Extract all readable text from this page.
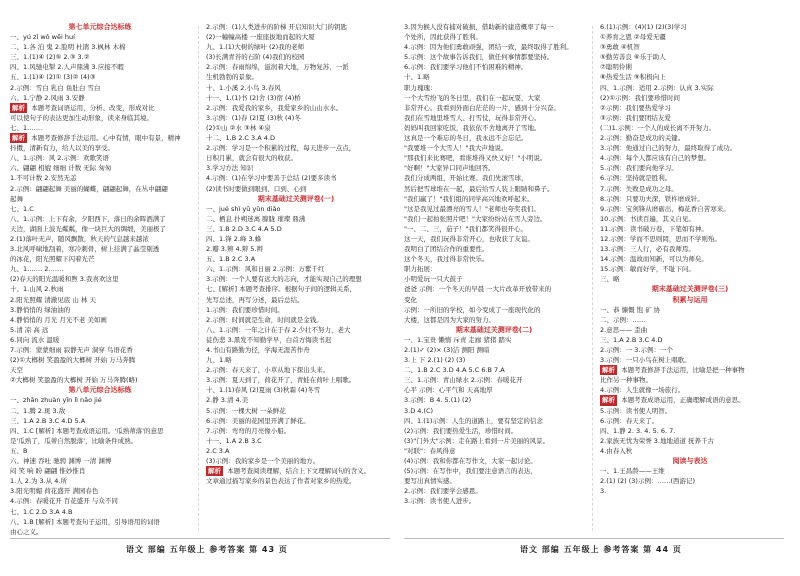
第七单元综合达标练
一、yú zǐ wǒ wēi huí
二、1.各 泊 鬼 2.脸明 杜鹃 3.枫林 木棉
三、1.(1)④ (2)⑤ 2.③ 3.②
四、1.风驰电掣 2.人声鼎沸 3.应接不暇
五、1.(1)④ (2)① (3)② (4)③
2.示例：雪白 乳白 鱼肚白 雪白
六、1.宁静 2.风雨 3.安静
解析 本题考查词语运用，分析、改变，形成对比
可以使句子的表达更加生动形象，读来身临其境。
七、1.……
解析 本题考查修辞手法运用。心中有情，眼中有景，精神
抖擞，清新有力，给人以美的享受。
八、1.示例：风 2.示例：欢歌笑语
六、翩翩 相媲 细细 计数 无际 匆匆
1.不可计数 2.安然无恙
2.示例：翩翩起舞 美丽的蝴蝶，翩翩起舞，在丛中翩翩
起舞
七、1.C
八、1.示例：上下有余，夕阳西下，落日的余晖洒满了
天边，湖面上波光粼粼，像一块巨大的绸缎，美丽极了
2.(1)落叶无声，随风飘散，秋天的气息越来越浓
3.北风呼啸地刮着，寒冷刺骨，树上挂满了晶莹剔透
的冰花，阳光照耀下闪着光芒
九、1.…… 2.……
(2)春天的阳光温暖和煦 3.我喜欢这里
十、1.山风 2.秋雨
2.阳光照耀 清澈见底 山 林 天
3.静悄悄的 绿油油的
4.静悄悄的 月光 月光不老 美如画
5.清 凉 高 远
6.同向 流水 温暖
7.示例：蒙蒙细雨 寂静无声 洞穿 鸟语花香
(2)①大榔树 笑盈盈的大榔树 开始 万马奔腾
天空
②大榔树 笑盈盈的大榔树 开始 万马奔腾(略)
第八单元综合达标练
一、zhǎn zhuàn yǐn lì nǎo jié
二、1.腾 2.斑 3.敌
三、1.A 2.B 3.C 4.D 5.A
四、1.C [解析] 本题考查成语运用。'瓜熟蒂落'的意思
是'瓜熟了，瓜蒂自然脱落'，比喻条件成熟。
五、B
六、神速 吞吐 驰骋 渊博 一清 渊博
闷 笑 响 盼 翩翩 惟妙惟肖
1.人 2.为 3.从 4.所
3.阳光明媚 荷花盛开 满园春色
4.示例：春暖花开 百花盛开 与众不同
七、1.C 2.D 3.A 4.B
八、1.B [解析] 本题考查句子运用，引导语用的词语
由心之义。
2.示例：(1)人类进步的阶梯 开启知识大门的钥匙
(2)一幢幢高楼 一座座拔地而起的大厦
九、1.(1)大树的绿叶 (2)我的老师
(3)长满青苔的石阶 (4)我们的校园
2.示例：春雨绵绵，滋润着大地，万物复苏，一派
生机勃勃的景象。
十、1.小溪 2.小鸟 3.春风
十一、1.(1)书 (2)舍 (3)宿 (4)桥
2.示例：我爱我的家乡，我爱家乡的山山水水。
3.示例：(1)春 (2)夏 (3)秋 (4)冬
(2)①山 ②水 ③林 ④泉
十二、1.B 2.C 3.A 4.D
2.示例：学习是一个积累的过程，每天进步一点点，
日积月累，就会有很大的收获。
3.学习方法 知识
4.示例：(1)在学习中要善于总结 (2)要多读书
(2)读书时要做到眼到、口到、心到
期末基础过关测评卷(一)
一、jué shì yǔ yǔn diǎo
二、栖息 扑朔迷离 朦胧 璀璨 鼎沸
三、1.B 2.D 3.C 4.A 5.D
四、1.锋 2.峰 3.蜂
2.瓣 3.辨 4.辩 5.辫
五、1.B 2.C 3.A
六、1.示例：风和日丽 2.示例：万紫千红
3.示例：一个人要有远大的志向，才能实现自己的理想
七、[解析] 本题考查排序。根据句子间的逻辑关系，
先写总述，再写分述，最后总结。
1.示例：我们要珍惜时间。
2.示例：时间就是生命，时间就是金钱。
八、1.示例：一年之计在于春 2.少壮不努力，老大
徒伤悲 3.黑发不知勤学早，白首方悔读书迟
4.书山有路勤为径，学海无涯苦作舟
九、1.略
2.示例：春天来了，小草从地下探出头来。
3.示例：夏天到了，荷花开了，青蛙在荷叶上唱歌。
十、1.(1)春风 (2)夏雨 (3)秋霜 (4)冬雪
2.静 3.清 4.美
5.示例：一棵大树 一朵鲜花
6.示例：美丽的花园里开满了鲜花。
7.示例：弯弯的月亮像小船。
十一、1.A 2.B 3.C
2.C 3.A
(3)示例：我的家乡是一个美丽的地方。
解析 本题考查阅读理解，结合上下文理解词句的含义。
文章通过描写家乡的景色表达了作者对家乡的热爱。
语文 部编 五年级上 参考答案 第 43 页
3.因为猴人没有捕对破损，借助新的建造概率了每一
个处所，因此获得了胜利。
4.示例：因为他们勇敢顽强，团结一致，最终取得了胜利。
5.示例：这个故事告诉我们，做任何事情都要坚持。
6.示例：我们要学习他们不怕困难的精神。
十、1.略
职力瑰瑰：
一个大雪纷飞的冬日里，我们在一起玩耍，大家
非常开心。我看到外面白茫茫的一片，感到十分兴奋。
我们在雪地里堆雪人、打雪仗，玩得非常开心。
妈妈叫我回家吃饭，我依依不舍地离开了雪地。
这真是一个难忘的冬日，我永远不会忘记。
"我要堆一个大雪人！"我大声地说。
"那我们来比赛吧，看谁堆得又快又好！"小明说。
"好啊！"大家异口同声地回答。
我们分成两组，开始比赛。我们先滚雪球，
然后把雪球堆在一起，最后给雪人装上眼睛和鼻子。
"我们赢了！"我们组的同学高兴地欢呼起来。
"这是我见过最漂亮的雪人！"老师也夸奖我们。
"我们一起拍张照片吧！"大家纷纷站在雪人旁边。
"一、二、三，茄子！"我们都笑得很开心。
这一天，我们玩得非常开心，也收获了友谊。
我明白了团结合作的重要性。
这个冬天，我过得非常快乐。
职力拓展：
小明爱玩一只大鼓子
爸爸 示例：一个冬天的早晨 一大片改革开放带来的
变化
示例：一所旧的学校，如今变成了一座现代化的
大楼，这都是因为大家的努力。
期末基础过关测评卷(二)
一、1.宝贵 懒惰 斥责 走廊 猪猪 踏实
2.(1)✓ (2)× (3)洁 测阳 测暗
3.上 下 2.(1) (2) (3)
二、1.B 2.C 3.D 4.A 5.C 6.B 7.A
三、1.示例：青山绿水 2.示例：春暖花开
心平 示例：心平气和 天高地厚
3.示例：B 4. 5.(1) (2)
3.D 4.(C)
四、1.(1)示例：人生的道路上，要有坚定的信念
(2)示例：我们要热爱生活，珍惜时间。
(3)"门外大"示例：走在路上看到一片美丽的风景。
"对联"：春风得意
(4)示例：我和你都在写作文，大家一起讨论。
(5)示例：在写作中，我们要注意语言的表达，
要写出真情实感。
2.示例：我们要学会感恩。
3.示例：读书使人进步。
6.(1)示例：(4)(1) (2)(3)学习
①养育之恩 ②母爱无疆
③勇敢 ④机智
⑤勤劳善良 ⑥乐于助人
⑦聪明伶俐
⑧热爱生活 ⑨积极向上
四、1.示例：适用 2.示例：认真 3.实际
(2)①示例：我们要珍惜时间
②示例：我们要热爱学习
③示例：我们要团结友爱
(二)1.示例：一个人的成长离不开努力。
2.示例：勤奋是成功的关键。
3.示例：他通过自己的努力，最终取得了成功。
4.示例：每个人都应该有自己的梦想。
5.示例：我们要向他学习。
6.示例：坚持就是胜利。
7.示例：失败是成功之母。
8.示例：只要功夫深，铁杵磨成针。
9.示例：宝剑锋从磨砺出，梅花香自苦寒来。
10.示例：书读百遍，其义自见。
11.示例：读书破万卷，下笔如有神。
12.示例：学而不思则罔，思而不学则殆。
13.示例：三人行，必有我师焉。
14.示例：温故而知新，可以为师矣。
15.示例：敏而好学，不耻下问。
三、略
期末基础过关测评卷(三)
积累与运用
一、恭 慷慨 饱 矿 协
二、示例：……
2.意思—— 歪曲
三、1.A 2.B 3.C 4.D
2.示例：一 3.示例：一个
3.示例：一只小鸟在树上唱歌。
解析 本题考查修辞手法运用，比喻是把一种事物
比作另一种事物。
4.示例：人生就像一场旅行。
解析 本题考查成语运用，正确理解成语的意思。
5.示例：读书使人明智。
6.示例：春天来了。
四、1.静 2. 3. 4. 5. 6. 7.
2.家族无忧为荣誉 3.地地道道 抚养千古
4.由春入秋
阅读与表达
一、1.王昌龄——王维
2.(1) (2) (3)示例：……(西游记)
3.
语文 部编 五年级上 参考答案 第 44 页
